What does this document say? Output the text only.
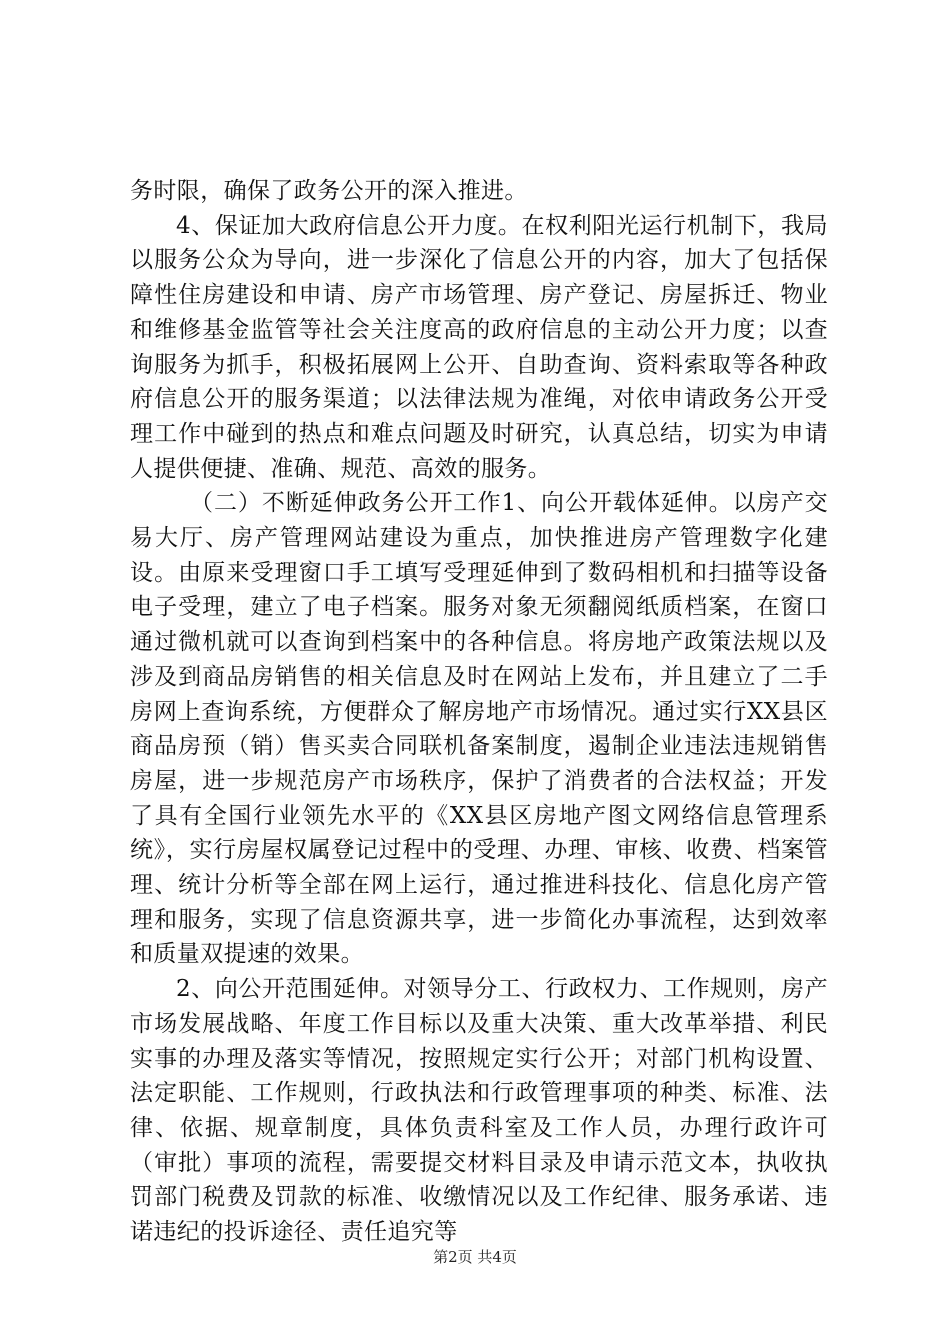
务时限，确保了政务公开的深入推进。

4、保证加大政府信息公开力度。在权利阳光运行机制下，我局以服务公众为导向，进一步深化了信息公开的内容，加大了包括保障性住房建设和申请、房产市场管理、房产登记、房屋拆迁、物业和维修基金监管等社会关注度高的政府信息的主动公开力度；以查询服务为抓手，积极拓展网上公开、自助查询、资料索取等各种政府信息公开的服务渠道；以法律法规为准绳，对依申请政务公开受理工作中碰到的热点和难点问题及时研究，认真总结，切实为申请人提供便捷、准确、规范、高效的服务。

（二）不断延伸政务公开工作1、向公开载体延伸。以房产交易大厅、房产管理网站建设为重点，加快推进房产管理数字化建设。由原来受理窗口手工填写受理延伸到了数码相机和扫描等设备电子受理，建立了电子档案。服务对象无须翻阅纸质档案，在窗口通过微机就可以查询到档案中的各种信息。将房地产政策法规以及涉及到商品房销售的相关信息及时在网站上发布，并且建立了二手房网上查询系统，方便群众了解房地产市场情况。通过实行XX县区商品房预（销）售买卖合同联机备案制度，遏制企业违法违规销售房屋，进一步规范房产市场秩序，保护了消费者的合法权益；开发了具有全国行业领先水平的《XX县区房地产图文网络信息管理系统》，实行房屋权属登记过程中的受理、办理、审核、收费、档案管理、统计分析等全部在网上运行，通过推进科技化、信息化房产管理和服务，实现了信息资源共享，进一步简化办事流程，达到效率和质量双提速的效果。

2、向公开范围延伸。对领导分工、行政权力、工作规则，房产市场发展战略、年度工作目标以及重大决策、重大改革举措、利民实事的办理及落实等情况，按照规定实行公开；对部门机构设置、法定职能、工作规则，行政执法和行政管理事项的种类、标准、法律、依据、规章制度，具体负责科室及工作人员，办理行政许可（审批）事项的流程，需要提交材料目录及申请示范文本，执收执罚部门税费及罚款的标准、收缴情况以及工作纪律、服务承诺、违诺违纪的投诉途径、责任追究等

第2页 共4页
